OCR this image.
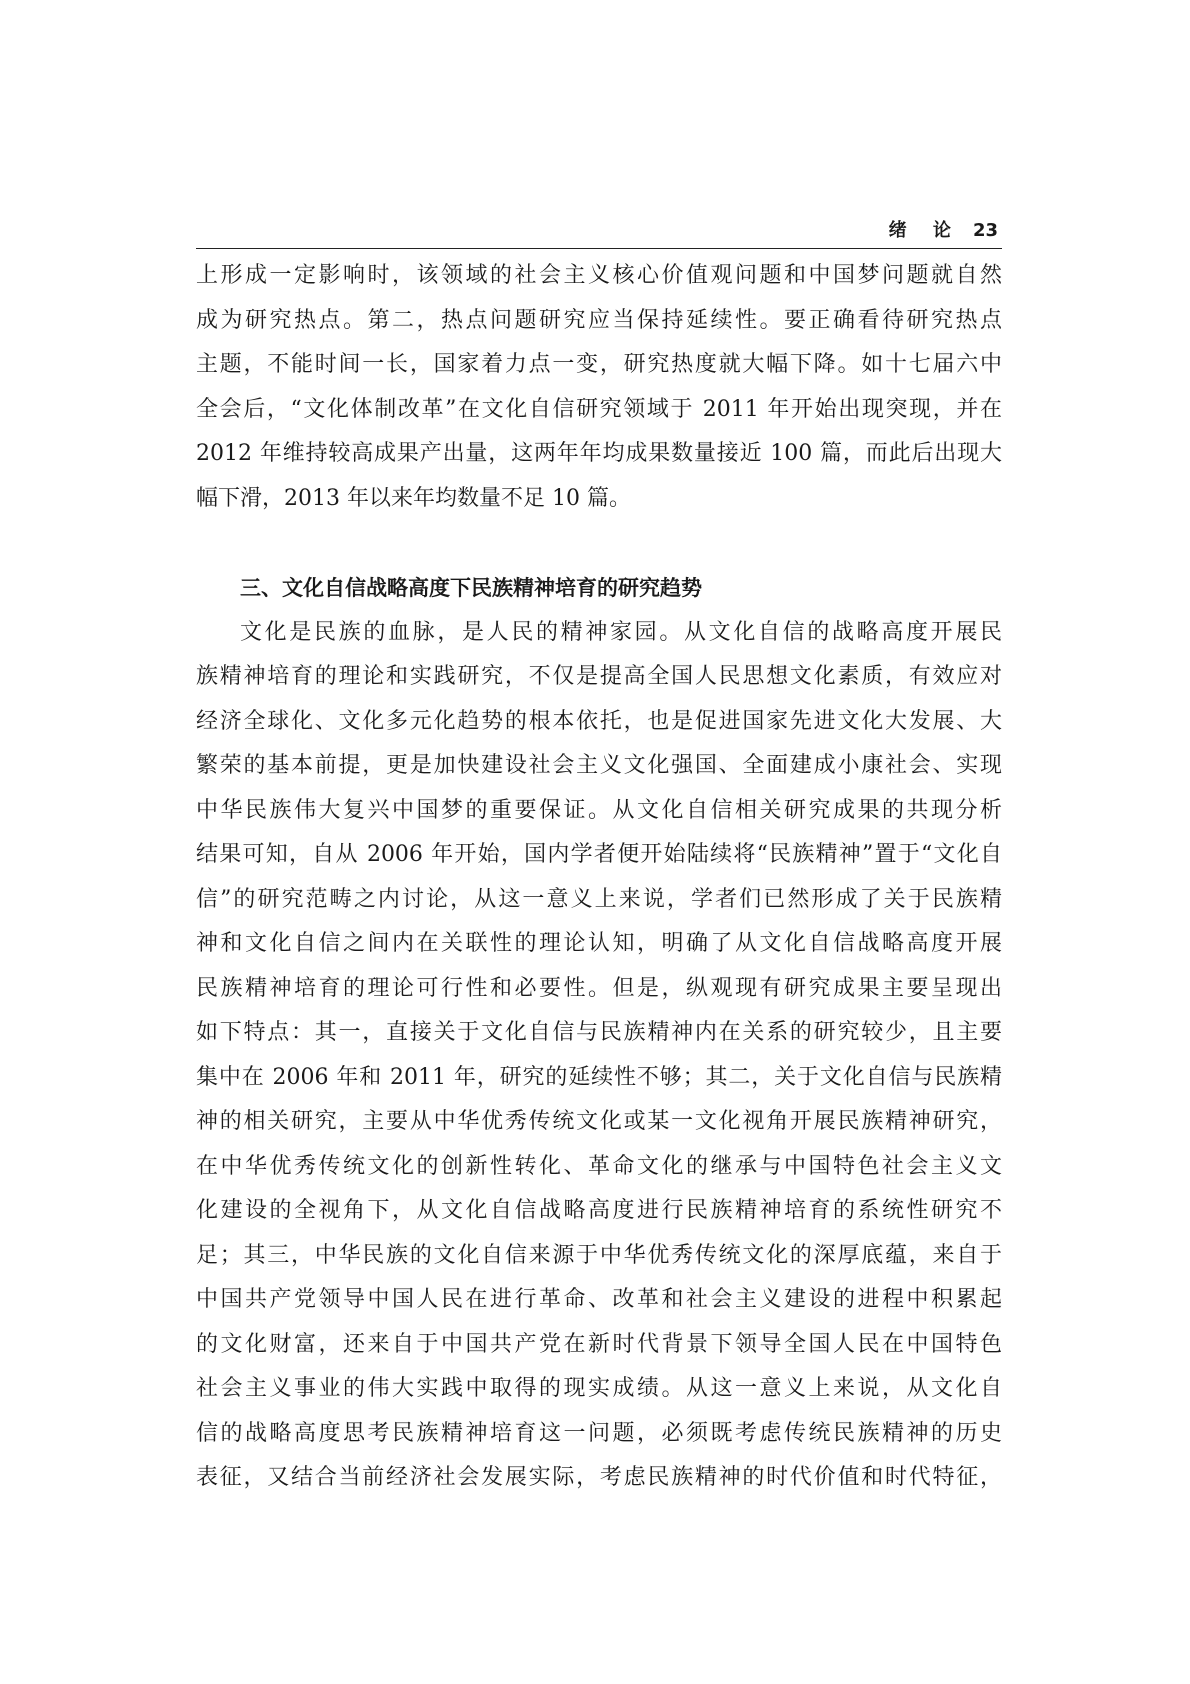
绪 论 23
上形成一定影响时，该领域的社会主义核心价值观问题和中国梦问题就自然
成为研究热点。第二，热点问题研究应当保持延续性。要正确看待研究热点
主题，不能时间一长，国家着力点一变，研究热度就大幅下降。如十七届六中
全会后，“文化体制改革”在文化自信研究领域于 2011 年开始出现突现，并在
2012 年维持较高成果产出量，这两年年均成果数量接近 100 篇，而此后出现大
幅下滑，2013 年以来年均数量不足 10 篇。
三、文化自信战略高度下民族精神培育的研究趋势
文化是民族的血脉，是人民的精神家园。从文化自信的战略高度开展民
族精神培育的理论和实践研究，不仅是提高全国人民思想文化素质，有效应对
经济全球化、文化多元化趋势的根本依托，也是促进国家先进文化大发展、大
繁荣的基本前提，更是加快建设社会主义文化强国、全面建成小康社会、实现
中华民族伟大复兴中国梦的重要保证。从文化自信相关研究成果的共现分析
结果可知，自从 2006 年开始，国内学者便开始陆续将“民族精神”置于“文化自
信”的研究范畴之内讨论，从这一意义上来说，学者们已然形成了关于民族精
神和文化自信之间内在关联性的理论认知，明确了从文化自信战略高度开展
民族精神培育的理论可行性和必要性。但是，纵观现有研究成果主要呈现出
如下特点：其一，直接关于文化自信与民族精神内在关系的研究较少，且主要
集中在 2006 年和 2011 年，研究的延续性不够；其二，关于文化自信与民族精
神的相关研究，主要从中华优秀传统文化或某一文化视角开展民族精神研究，
在中华优秀传统文化的创新性转化、革命文化的继承与中国特色社会主义文
化建设的全视角下，从文化自信战略高度进行民族精神培育的系统性研究不
足；其三，中华民族的文化自信来源于中华优秀传统文化的深厚底蕴，来自于
中国共产党领导中国人民在进行革命、改革和社会主义建设的进程中积累起
的文化财富，还来自于中国共产党在新时代背景下领导全国人民在中国特色
社会主义事业的伟大实践中取得的现实成绩。从这一意义上来说，从文化自
信的战略高度思考民族精神培育这一问题，必须既考虑传统民族精神的历史
表征，又结合当前经济社会发展实际，考虑民族精神的时代价值和时代特征，
